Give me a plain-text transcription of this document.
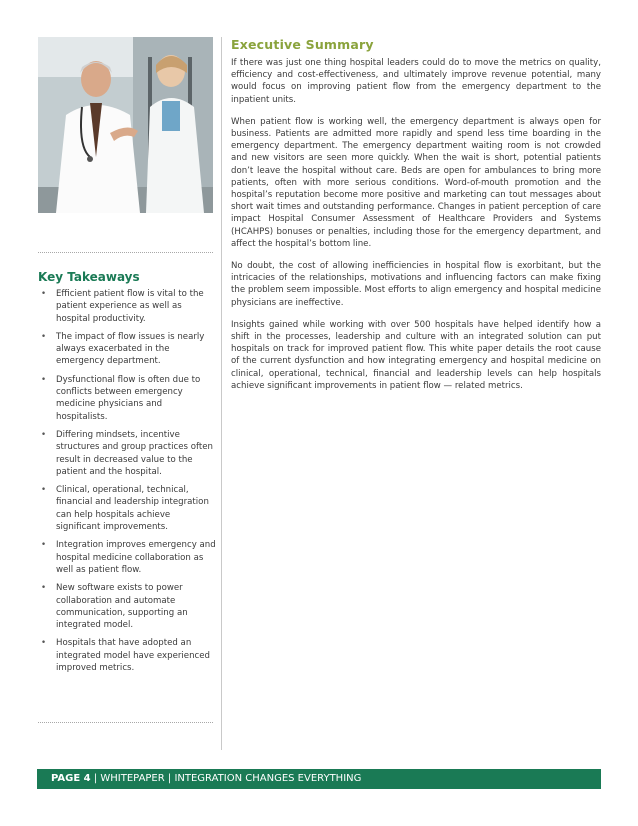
Key Takeaways
• Efficient patient flow is vital to the patient experience as well as hospital productivity.
• The impact of flow issues is nearly always exacerbated in the emergency department.
• Dysfunctional flow is often due to conflicts between emergency medicine physicians and hospitalists.
• Differing mindsets, incentive structures and group practices often result in decreased value to the patient and the hospital.
• Clinical, operational, technical, financial and leadership integration can help hospitals achieve significant improvements.
• Integration improves emergency and hospital medicine collaboration as well as patient flow.
• New software exists to power collaboration and automate communication, supporting an integrated model.
• Hospitals that have adopted an integrated model have experienced improved metrics.
Executive Summary

If there was just one thing hospital leaders could do to move the metrics on quality, efficiency and cost-effectiveness, and ultimately improve revenue potential, many would focus on improving patient flow from the emergency department to the inpatient units.

When patient flow is working well, the emergency department is always open for business. Patients are admitted more rapidly and spend less time boarding in the emergency department. The emergency department waiting room is not crowded and new visitors are seen more quickly. When the wait is short, potential patients don’t leave the hospital without care. Beds are open for ambulances to bring more patients, often with more serious conditions. Word-of-mouth promotion and the hospital’s reputation become more positive and marketing can tout messages about short wait times and outstanding performance. Changes in patient perception of care impact Hospital Consumer Assessment of Healthcare Providers and Systems (HCAHPS) bonuses or penalties, including those for the emergency department, and affect the hospital’s bottom line.

No doubt, the cost of allowing inefficiencies in hospital flow is exorbitant, but the intricacies of the relationships, motivations and influencing factors can make fixing the problem seem impossible. Most efforts to align emergency and hospital medicine physicians are ineffective.

Insights gained while working with over 500 hospitals have helped identify how a shift in the processes, leadership and culture with an integrated solution can put hospitals on track for improved patient flow. This white paper details the root cause of the current dysfunction and how integrating emergency and hospital medicine on clinical, operational, technical, financial and leadership levels can help hospitals achieve significant improvements in patient flow — related metrics.

PAGE 4 | WHITEPAPER | INTEGRATION CHANGES EVERYTHING
